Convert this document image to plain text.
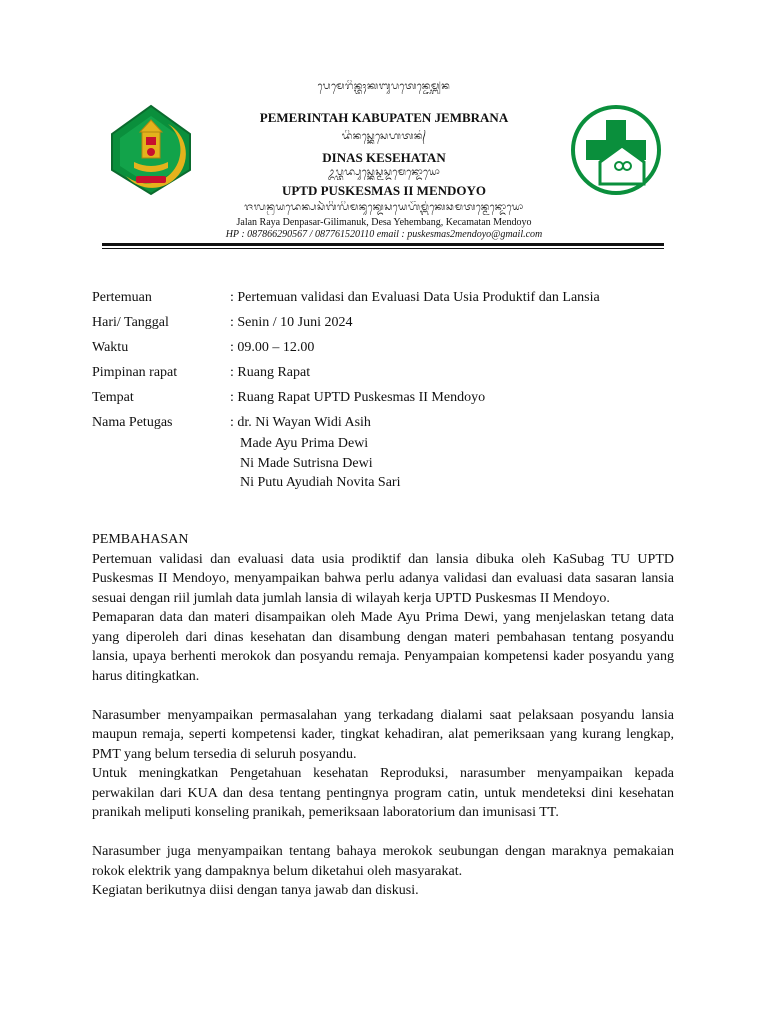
ᬧᬾᬫᬾᬭᬶᬦ᭄ᬢᬄᬓᬩᬸᬧᬢᬾᬦ᭄ᬚᬾᬫ᭄ᬩ᭄ᬭᬦ
PEMERINTAH KABUPATEN JEMBRANA
ᬤᬶᬦᬲ᭄ᬓᬾᬲᬾᬳᬢᬦ᭄
DINAS KESEHATAN
ᬉᬧ᭄ᬢᬤ᭄ᬧᬸᬲ᭄ᬓᬾᬲ᭄ᬫᬲ᭄ᬤ᭄ᬯᬫᬾᬦ᭄ᬤᭀᬬᭀ
UPTD PUSKESMAS II MENDOYO
ᬚᬮᬦ᭄ᬭᬬᬤᬾᬦ᭄ᬧᬲᬃᬕᬶᬮᬶᬫᬦᬸᬓ᭄ᬤᬾᬲᬬᬾᬳᭂᬫ᭄ᬩᬂᬓᬾᬘᬫᬢᬦ᭄ᬫᬾᬦ᭄ᬤᭀᬬᭀ
Jalan Raya Denpasar-Gilimanuk, Desa Yehembang, Kecamatan Mendoyo
HP : 087866290567 / 087761520110 email : puskesmas2mendoyo@gmail.com
Pertemuan	: Pertemuan validasi dan Evaluasi Data Usia Produktif dan Lansia
Hari/ Tanggal	: Senin / 10 Juni 2024
Waktu	: 09.00 – 12.00
Pimpinan rapat	: Ruang Rapat
Tempat	: Ruang Rapat UPTD Puskesmas II Mendoyo
Nama Petugas	: dr. Ni Wayan Widi Asih
Made Ayu Prima Dewi
Ni Made Sutrisna Dewi
Ni Putu Ayudiah Novita Sari

PEMBAHASAN

Pertemuan validasi dan evaluasi data usia prodiktif dan lansia dibuka oleh KaSubag TU UPTD Puskesmas II Mendoyo, menyampaikan bahwa perlu adanya validasi dan evaluasi data sasaran lansia sesuai dengan riil jumlah data jumlah lansia di wilayah kerja UPTD Puskesmas II Mendoyo.

Pemaparan data dan materi disampaikan oleh Made Ayu Prima Dewi, yang menjelaskan tetang data yang diperoleh dari dinas kesehatan dan disambung dengan materi pembahasan tentang posyandu lansia, upaya berhenti merokok dan posyandu remaja. Penyampaian kompetensi kader posyandu yang harus ditingkatkan.

Narasumber menyampaikan permasalahan yang terkadang dialami saat pelaksaan posyandu lansia maupun remaja, seperti kompetensi kader, tingkat kehadiran, alat pemeriksaan yang kurang lengkap, PMT yang belum tersedia di seluruh posyandu.

Untuk meningkatkan Pengetahuan kesehatan Reproduksi, narasumber menyampaikan kepada perwakilan dari KUA dan desa tentang pentingnya program catin, untuk mendeteksi dini kesehatan pranikah meliputi konseling pranikah, pemeriksaan laboratorium dan imunisasi TT.

Narasumber juga menyampaikan tentang bahaya merokok seubungan dengan maraknya pemakaian rokok elektrik yang dampaknya belum diketahui oleh masyarakat.

Kegiatan berikutnya diisi dengan tanya jawab dan diskusi.
